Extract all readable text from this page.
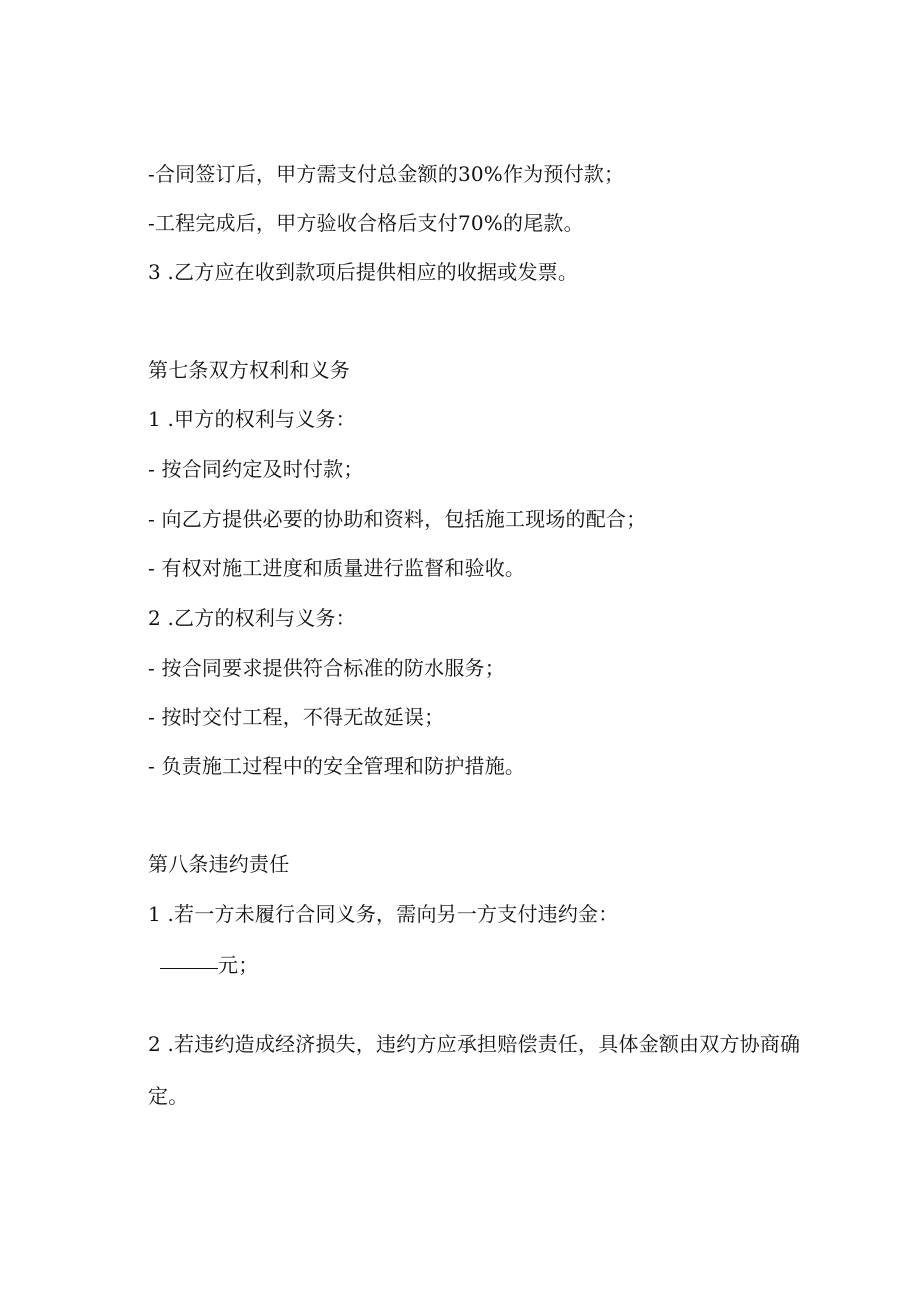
-合同签订后，甲方需支付总金额的30%作为预付款；
-工程完成后，甲方验收合格后支付70%的尾款。
3 .乙方应在收到款项后提供相应的收据或发票。
第七条双方权利和义务
1 .甲方的权利与义务：
- 按合同约定及时付款；
- 向乙方提供必要的协助和资料，包括施工现场的配合；
- 有权对施工进度和质量进行监督和验收。
2 .乙方的权利与义务：
- 按合同要求提供符合标准的防水服务；
- 按时交付工程，不得无故延误；
- 负责施工过程中的安全管理和防护措施。
第八条违约责任
1 .若一方未履行合同义务，需向另一方支付违约金：
元；
2 .若违约造成经济损失，违约方应承担赔偿责任，具体金额由双方协商确定。
